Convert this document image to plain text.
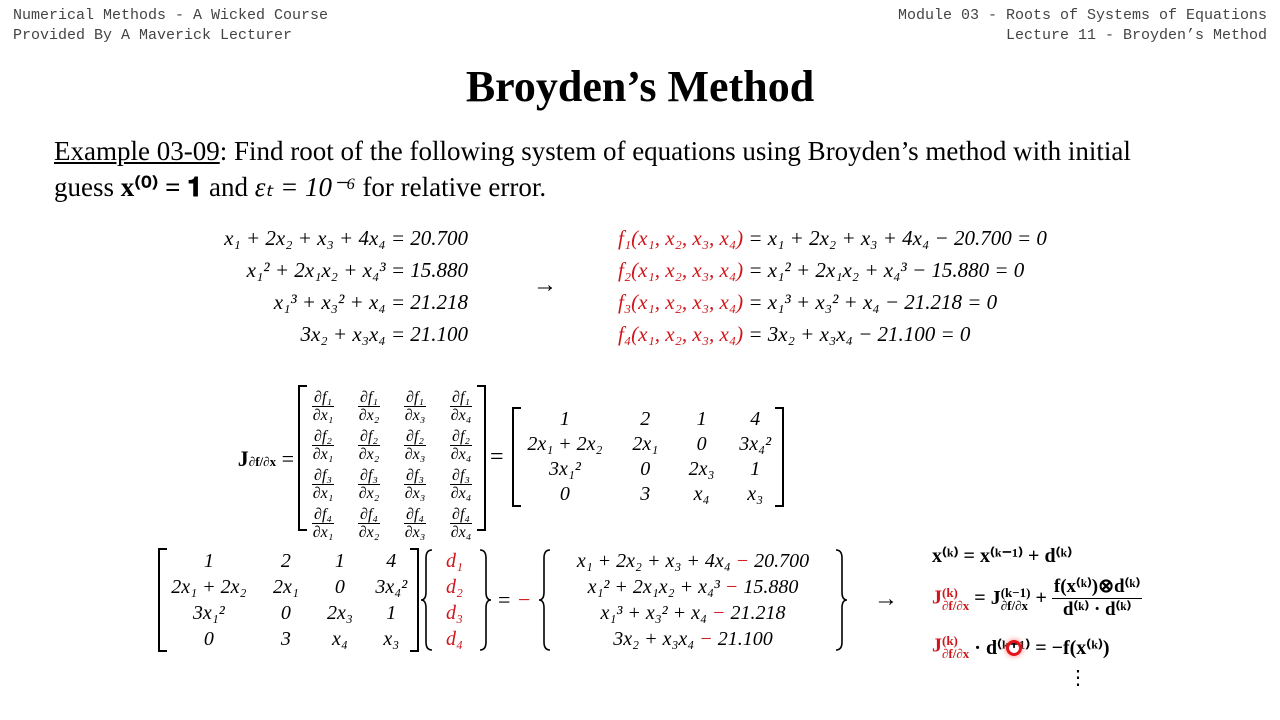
Numerical Methods - A Wicked Course
Provided By A Maverick Lecturer
Module 03 - Roots of Systems of Equations
Lecture 11 - Broyden’s Method
Broyden’s Method
Example 03-09: Find root of the following system of equations using Broyden’s method with initial
guess x⁽⁰⁾ = 𝟏 and εₜ = 10⁻⁶ for relative error.
x₁ + 2x₂ + x₃ + 4x₄ = 20.700
x₁² + 2x₁x₂ + x₄³ = 15.880
x₁³ + x₃² + x₄ = 21.218
3x₂ + x₃x₄ = 21.100
→
f₁(x₁, x₂, x₃, x₄) = x₁ + 2x₂ + x₃ + 4x₄ − 20.700 = 0
f₂(x₁, x₂, x₃, x₄) = x₁² + 2x₁x₂ + x₄³ − 15.880 = 0
f₃(x₁, x₂, x₃, x₄) = x₁³ + x₃² + x₄ − 21.218 = 0
f₄(x₁, x₂, x₃, x₄) = 3x₂ + x₃x₄ − 21.100 = 0
J∂f/∂x =
$\frac{\text{∂f₁}}{\text{∂x₁}}$	$\frac{\text{∂f₁}}{\text{∂x₂}}$	$\frac{\text{∂f₁}}{\text{∂x₃}}$	$\frac{\text{∂f₁}}{\text{∂x₄}}$

$\frac{\text{∂f₂}}{\text{∂x₁}}$	$\frac{\text{∂f₂}}{\text{∂x₂}}$	$\frac{\text{∂f₂}}{\text{∂x₃}}$	$\frac{\text{∂f₂}}{\text{∂x₄}}$

$\frac{\text{∂f₃}}{\text{∂x₁}}$	$\frac{\text{∂f₃}}{\text{∂x₂}}$	$\frac{\text{∂f₃}}{\text{∂x₃}}$	$\frac{\text{∂f₃}}{\text{∂x₄}}$

$\frac{\text{∂f₄}}{\text{∂x₁}}$	$\frac{\text{∂f₄}}{\text{∂x₂}}$	$\frac{\text{∂f₄}}{\text{∂x₃}}$	$\frac{\text{∂f₄}}{\text{∂x₄}}$
=
1	2	1	4
2x₁ + 2x₂	2x₁	0	3x₄²
3x₁²	0	2x₃	1
0	3	x₄	x₃
1	2	1	4
2x₁ + 2x₂	2x₁	0	3x₄²
3x₁²	0	2x₃	1
0	3	x₄	x₃
d₁
d₂
d₃
d₄
= −
x₁ + 2x₂ + x₃ + 4x₄ − 20.700
x₁² + 2x₁x₂ + x₄³ − 15.880
x₁³ + x₃² + x₄ − 21.218
3x₂ + x₃x₄ − 21.100
→
x⁽ᵏ⁾ = x⁽ᵏ⁻¹⁾ + d⁽ᵏ⁾
J (k)
∂f/∂x = J (k−1)
$\partial f/\partial x + \frac{\text{f(x⁽ᵏ⁾)⊗d⁽ᵏ⁾}}{\text{d⁽ᵏ⁾ · d⁽ᵏ⁾}}$
J (k)
∂f/∂x · d⁽ᵏ⁺¹⁾ = −f(x⁽ᵏ⁾)
⋮
